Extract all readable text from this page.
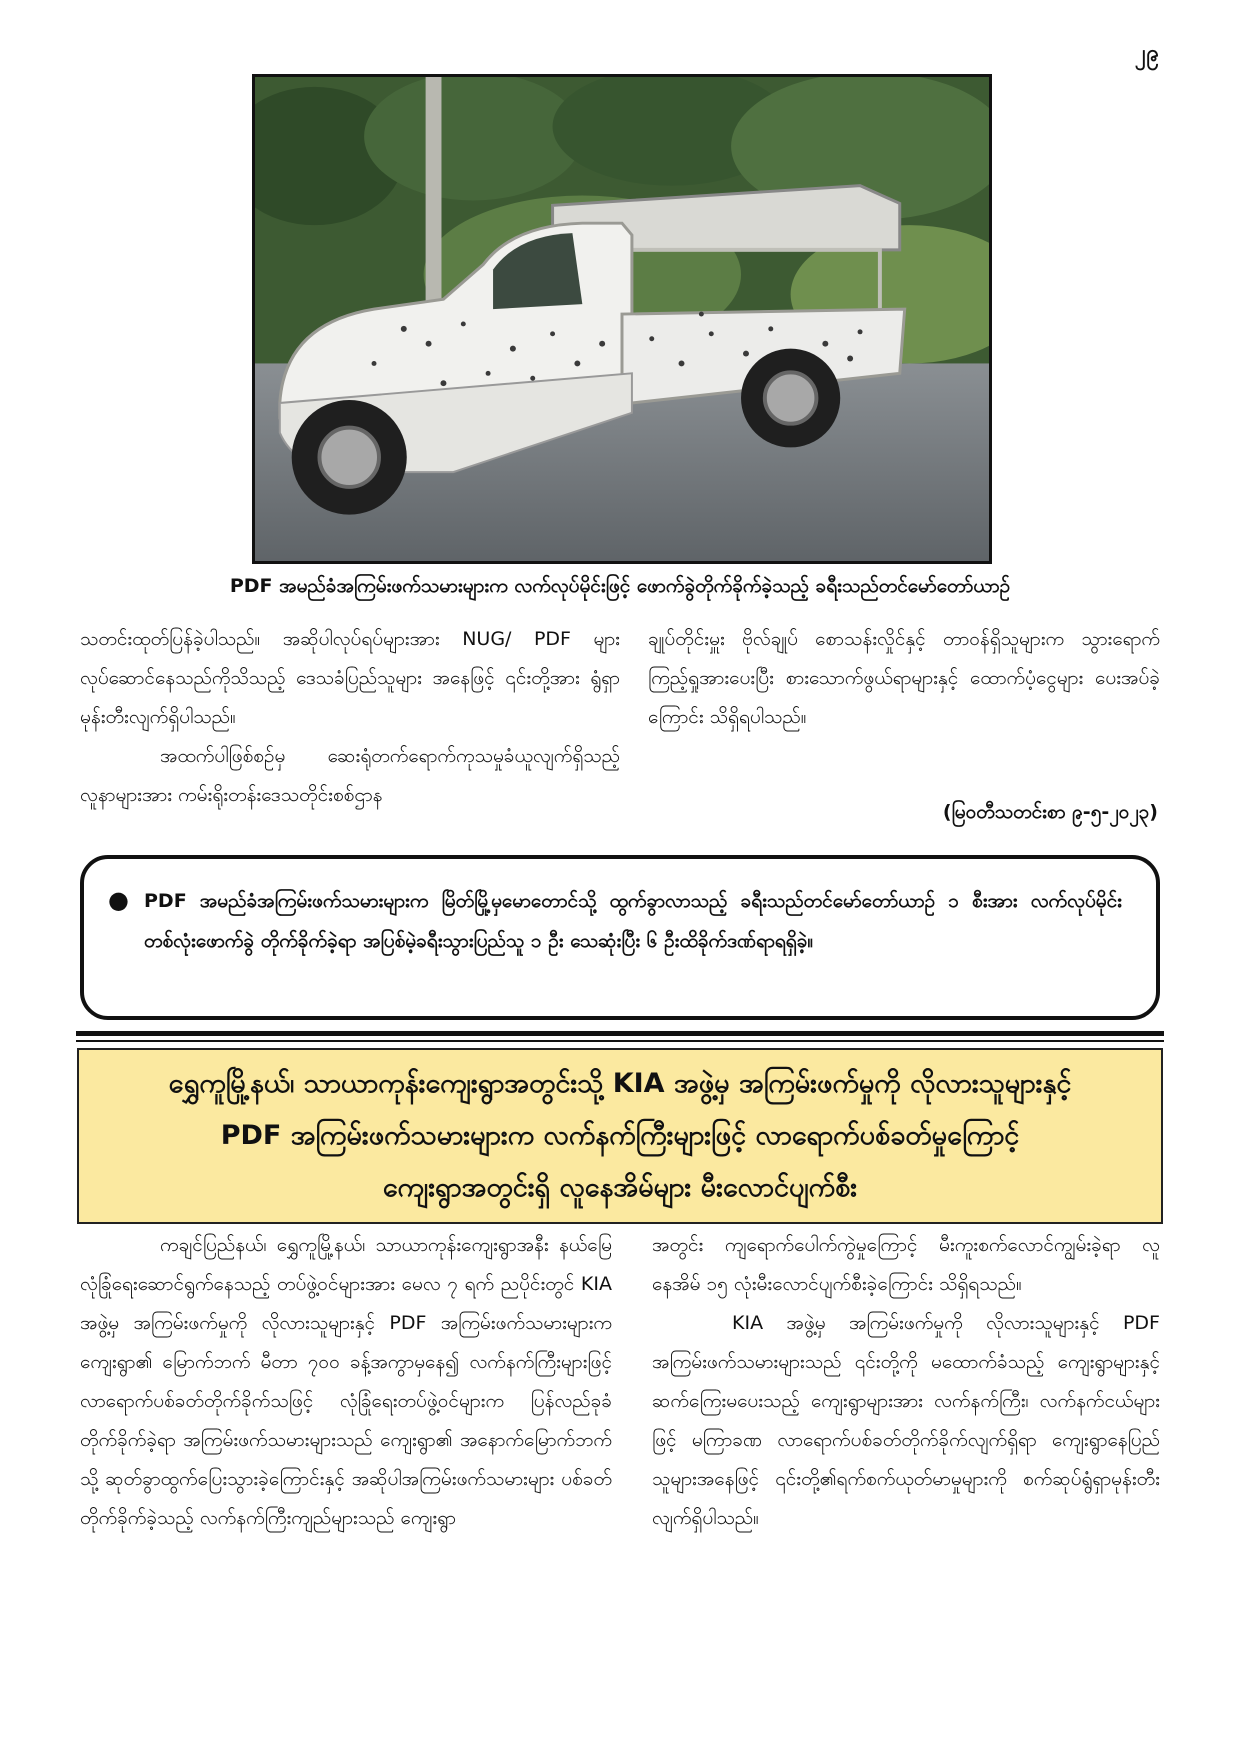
၂၉
PDF အမည်ခံအကြမ်းဖက်သမားများက လက်လုပ်မိုင်းဖြင့် ဖောက်ခွဲတိုက်ခိုက်ခဲ့သည့် ခရီးသည်တင်မော်တော်ယာဉ်

သတင်းထုတ်ပြန်ခဲ့ပါသည်။ အဆိုပါလုပ်ရပ်များအား NUG/ PDF များ လုပ်ဆောင်နေသည်ကိုသိသည့် ဒေသခံပြည်သူများ အနေဖြင့် ၎င်းတို့အား ရွံရှာမုန်းတီးလျက်ရှိပါသည်။

အထက်ပါဖြစ်စဉ်မှ ဆေးရုံတက်ရောက်ကုသမှုခံယူလျက်ရှိသည့် လူနာများအား ကမ်းရိုးတန်းဒေသတိုင်းစစ်ဌာန

ချုပ်တိုင်းမှူး ဗိုလ်ချုပ် စောသန်းလှိုင်နှင့် တာဝန်ရှိသူများက သွားရောက်ကြည့်ရှုအားပေးပြီး စားသောက်ဖွယ်ရာများနှင့် ထောက်ပံ့ငွေများ ပေးအပ်ခဲ့ကြောင်း သိရှိရပါသည်။

(မြဝတီသတင်းစာ ၉-၅-၂၀၂၃)
● PDF အမည်ခံအကြမ်းဖက်သမားများက မြိတ်မြို့မှမောတောင်သို့ ထွက်ခွာလာသည့် ခရီးသည်တင်မော်တော်ယာဉ် ၁ စီးအား လက်လုပ်မိုင်းတစ်လုံးဖောက်ခွဲ တိုက်ခိုက်ခဲ့ရာ အပြစ်မဲ့ခရီးသွားပြည်သူ ၁ ဦး သေဆုံးပြီး ၆ ဦးထိခိုက်ဒဏ်ရာရရှိခဲ့။

ရွှေကူမြို့နယ်၊ သာယာကုန်းကျေးရွာအတွင်းသို့ KIA အဖွဲ့မှ အကြမ်းဖက်မှုကို လိုလားသူများနှင့်
PDF အကြမ်းဖက်သမားများက လက်နက်ကြီးများဖြင့် လာရောက်ပစ်ခတ်မှုကြောင့်
ကျေးရွာအတွင်းရှိ လူနေအိမ်များ မီးလောင်ပျက်စီး

ကချင်ပြည်နယ်၊ ရွှေကူမြို့နယ်၊ သာယာကုန်းကျေးရွာအနီး နယ်မြေလုံခြုံရေးဆောင်ရွက်နေသည့် တပ်ဖွဲ့ဝင်များအား မေလ ၇ ရက် ညပိုင်းတွင် KIA အဖွဲ့မှ အကြမ်းဖက်မှုကို လိုလားသူများနှင့် PDF အကြမ်းဖက်သမားများက ကျေးရွာ၏ မြောက်ဘက် မီတာ ၇၀၀ ခန့်အကွာမှနေ၍ လက်နက်ကြီးများဖြင့် လာရောက်ပစ်ခတ်တိုက်ခိုက်သဖြင့် လုံခြုံရေးတပ်ဖွဲ့ဝင်များက ပြန်လည်ခုခံတိုက်ခိုက်ခဲ့ရာ အကြမ်းဖက်သမားများသည် ကျေးရွာ၏ အနောက်မြောက်ဘက်သို့ ဆုတ်ခွာထွက်ပြေးသွားခဲ့ကြောင်းနှင့် အဆိုပါအကြမ်းဖက်သမားများ ပစ်ခတ်တိုက်ခိုက်ခဲ့သည့် လက်နက်ကြီးကျည်များသည် ကျေးရွာ

အတွင်း ကျရောက်ပေါက်ကွဲမှုကြောင့် မီးကူးစက်လောင်ကျွမ်းခဲ့ရာ လူနေအိမ် ၁၅ လုံးမီးလောင်ပျက်စီးခဲ့ကြောင်း သိရှိရသည်။

KIA အဖွဲ့မှ အကြမ်းဖက်မှုကို လိုလားသူများနှင့် PDF အကြမ်းဖက်သမားများသည် ၎င်းတို့ကို မထောက်ခံသည့် ကျေးရွာများနှင့် ဆက်ကြေးမပေးသည့် ကျေးရွာများအား လက်နက်ကြီး၊ လက်နက်ငယ်များဖြင့် မကြာခဏ လာရောက်ပစ်ခတ်တိုက်ခိုက်လျက်ရှိရာ ကျေးရွာနေပြည်သူများအနေဖြင့် ၎င်းတို့၏ရက်စက်ယုတ်မာမှုများကို စက်ဆုပ်ရွံရှာမုန်းတီးလျက်ရှိပါသည်။
